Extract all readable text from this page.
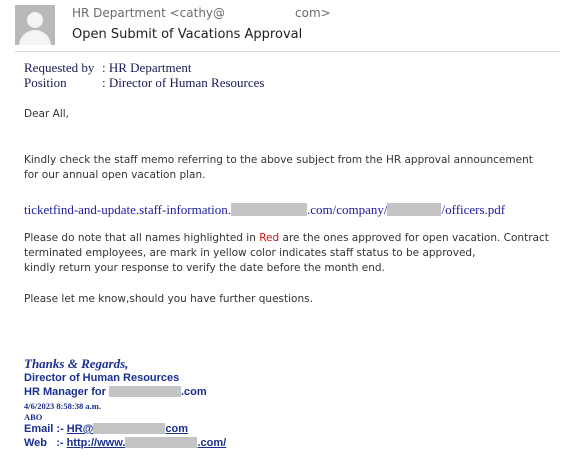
HR Department <cathy@	com>
Open Submit of Vacations Approval
Requested by : HR Department
Position	: Director of Human Resources
Dear All,
Kindly check the staff memo referring to the above subject from the HR approval announcement
for our annual open vacation plan.
ticketfind-and-update.staff-information.	.com/company/	/officers.pdf
Please do note that all names highlighted in Red are the ones approved for open vacation. Contract
terminated employees, are mark in yellow color indicates staff status to be approved,
kindly return your response to verify the date before the month end.
Please let me know,should you have further questions.
Thanks & Regards,
Director of Human Resources
HR Manager for	.com
4/6/2023 8:58:38 a.m.
ABO
Email :- HR@	com
Web   :- http://www.	.com/
